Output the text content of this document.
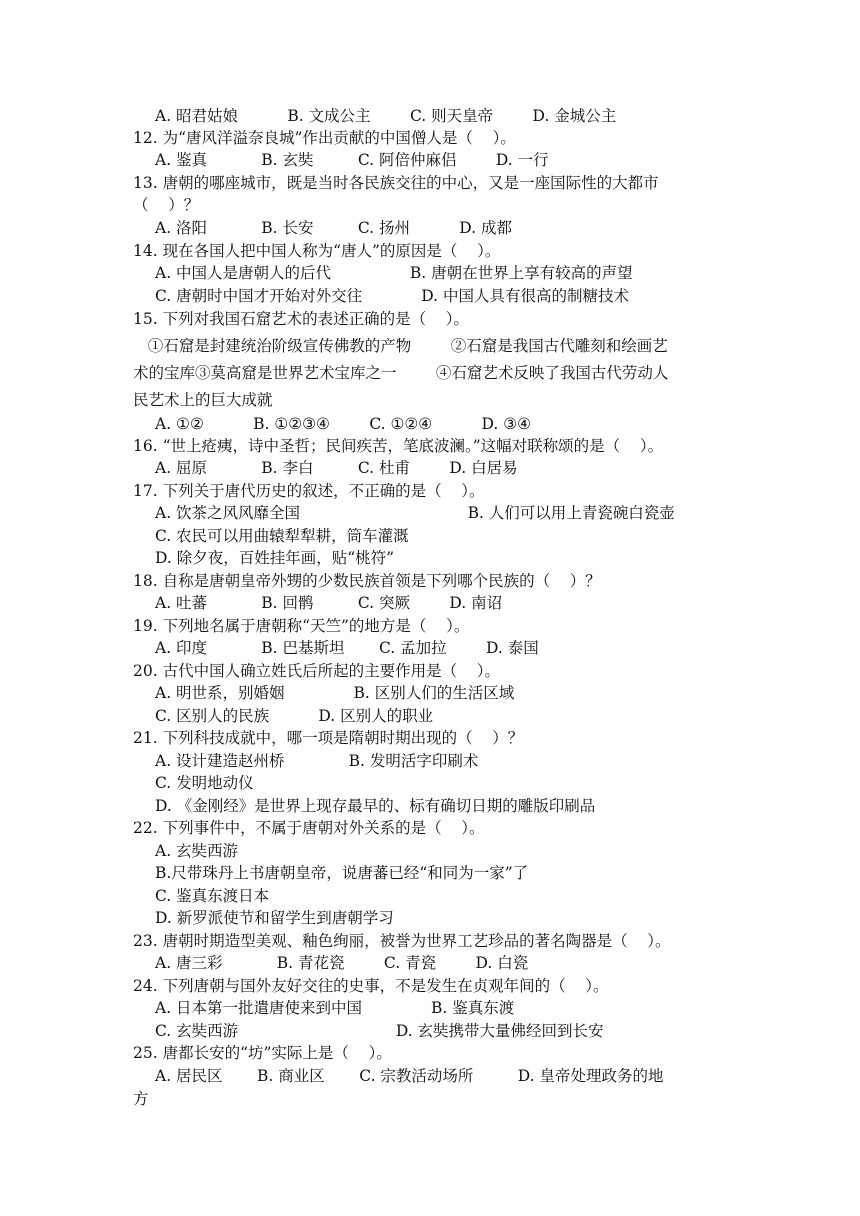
A. 昭君姑娘          B. 文成公主        C. 则天皇帝        D. 金城公主
12. 为“唐风洋溢奈良城”作出贡献的中国僧人是（    ）。
A. 鉴真           B. 玄奘         C. 阿倍仲麻侣        D. 一行
13. 唐朝的哪座城市，既是当时各民族交往的中心，又是一座国际性的大都市
（    ）？
A. 洛阳           B. 长安         C. 扬州          D. 成都
14. 现在各国人把中国人称为“唐人”的原因是（    ）。
A. 中国人是唐朝人的后代                B. 唐朝在世界上享有较高的声望
C. 唐朝时中国才开始对外交往            D. 中国人具有很高的制糖技术
15. 下列对我国石窟艺术的表述正确的是（    ）。
①石窟是封建统治阶级宣传佛教的产物        ②石窟是我国古代雕刻和绘画艺
术的宝库③莫高窟是世界艺术宝库之一        ④石窟艺术反映了我国古代劳动人
民艺术上的巨大成就
A. ①②          B. ①②③④        C. ①②④          D. ③④
16. “世上疮痍，诗中圣哲；民间疾苦，笔底波澜。”这幅对联称颂的是（    ）。
A. 屈原           B. 李白         C. 杜甫        D. 白居易
17. 下列关于唐代历史的叙述，不正确的是（    ）。
A. 饮茶之风风靡全国                                  B. 人们可以用上青瓷碗白瓷壶
C. 农民可以用曲辕犁犁耕，筒车灌溉
D. 除夕夜，百姓挂年画，贴“桃符”
18. 自称是唐朝皇帝外甥的少数民族首领是下列哪个民族的（    ）？
A. 吐蕃           B. 回鹘         C. 突厥        D. 南诏
19. 下列地名属于唐朝称“天竺”的地方是（    ）。
A. 印度           B. 巴基斯坦       C. 孟加拉        D. 泰国
20. 古代中国人确立姓氏后所起的主要作用是（    ）。
A. 明世系，别婚姻              B. 区别人们的生活区域
C. 区别人的民族          D. 区别人的职业
21. 下列科技成就中，哪一项是隋朝时期出现的（    ）？
A. 设计建造赵州桥             B. 发明活字印刷术
C. 发明地动仪
D. 《金刚经》是世界上现存最早的、标有确切日期的雕版印刷品
22. 下列事件中，不属于唐朝对外关系的是（    ）。
A. 玄奘西游
B.尺带珠丹上书唐朝皇帝，说唐蕃已经“和同为一家”了
C. 鉴真东渡日本
D. 新罗派使节和留学生到唐朝学习
23. 唐朝时期造型美观、釉色绚丽，被誉为世界工艺珍品的著名陶器是（    ）。
A. 唐三彩           B. 青花瓷        C. 青瓷        D. 白瓷
24. 下列唐朝与国外友好交往的史事，不是发生在贞观年间的（    ）。
A. 日本第一批遣唐使来到中国              B. 鉴真东渡
C. 玄奘西游                                D. 玄奘携带大量佛经回到长安
25. 唐都长安的“坊”实际上是（    ）。
A. 居民区       B. 商业区       C. 宗教活动场所         D. 皇帝处理政务的地
方
